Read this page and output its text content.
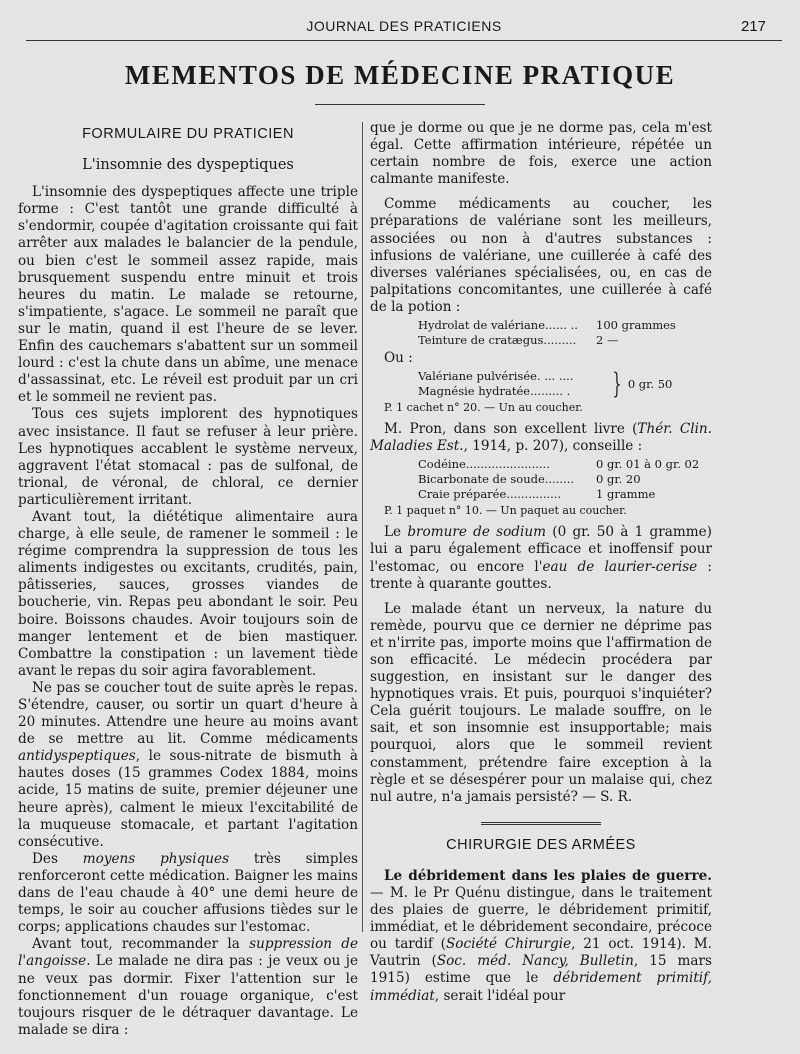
JOURNAL DES PRATICIENS	217
MEMENTOS DE MÉDECINE PRATIQUE
FORMULAIRE DU PRATICIEN
L'insomnie des dyspeptiques

L'insomnie des dyspeptiques affecte une triple forme : C'est tantôt une grande difficulté à s'endormir, coupée d'agitation croissante qui fait arrêter aux malades le balancier de la pendule, ou bien c'est le sommeil assez rapide, mais brusquement suspendu entre minuit et trois heures du matin. Le malade se retourne, s'impatiente, s'agace. Le sommeil ne paraît que sur le matin, quand il est l'heure de se lever. Enfin des cauchemars s'abattent sur un sommeil lourd : c'est la chute dans un abîme, une menace d'assassinat, etc. Le réveil est produit par un cri et le sommeil ne revient pas.

Tous ces sujets implorent des hypnotiques avec insistance. Il faut se refuser à leur prière. Les hypnotiques accablent le système nerveux, aggravent l'état stomacal : pas de sulfonal, de trional, de véronal, de chloral, ce dernier particulièrement irritant.

Avant tout, la diététique alimentaire aura charge, à elle seule, de ramener le sommeil : le régime comprendra la suppression de tous les aliments indigestes ou excitants, crudités, pain, pâtisseries, sauces, grosses viandes de boucherie, vin. Repas peu abondant le soir. Peu boire. Boissons chaudes. Avoir toujours soin de manger lentement et de bien mastiquer. Combattre la constipation : un lavement tiède avant le repas du soir agira favorablement.

Ne pas se coucher tout de suite après le repas. S'étendre, causer, ou sortir un quart d'heure à 20 minutes. Attendre une heure au moins avant de se mettre au lit. Comme médicaments antidyspeptiques, le sous-nitrate de bismuth à hautes doses (15 grammes Codex 1884, moins acide, 15 matins de suite, premier déjeuner une heure après), calment le mieux l'excitabilité de la muqueuse stomacale, et partant l'agitation consécutive.

Des moyens physiques très simples renforceront cette médication. Baigner les mains dans de l'eau chaude à 40° une demi heure de temps, le soir au coucher affusions tièdes sur le corps; applications chaudes sur l'estomac.

Avant tout, recommander la suppression de l'angoisse. Le malade ne dira pas : je veux ou je ne veux pas dormir. Fixer l'attention sur le fonctionnement d'un rouage organique, c'est toujours risquer de le détraquer davantage. Le malade se dira :

que je dorme ou que je ne dorme pas, cela m'est égal. Cette affirmation intérieure, répétée un certain nombre de fois, exerce une action calmante manifeste.

Comme médicaments au coucher, les préparations de valériane sont les meilleurs, associées ou non à d'autres substances : infusions de valériane, une cuillerée à café des diverses valérianes spécialisées, ou, en cas de palpitations concomitantes, une cuillerée à café de la potion :

Hydrolat de valériane...... ..	100 grammes
Teinture de cratægus.........	2 —

Ou :

Valériane pulvérisée. ... ....
Magnésie hydratée......... .	} 0 gr. 50
P. 1 cachet n° 20. — Un au coucher.

M. Pron, dans son excellent livre (Thér. Clin. Maladies Est., 1914, p. 207), conseille :

Codéine.......................	0 gr. 01 à 0 gr. 02
Bicarbonate de soude........	0 gr. 20
Craie préparée...............	1 gramme
P. 1 paquet n° 10. — Un paquet au coucher.

Le bromure de sodium (0 gr. 50 à 1 gramme) lui a paru également efficace et inoffensif pour l'estomac, ou encore l'eau de laurier-cerise : trente à quarante gouttes.

Le malade étant un nerveux, la nature du remède, pourvu que ce dernier ne déprime pas et n'irrite pas, importe moins que l'affirmation de son efficacité. Le médecin procédera par suggestion, en insistant sur le danger des hypnotiques vrais. Et puis, pourquoi s'inquiéter? Cela guérit toujours. Le malade souffre, on le sait, et son insomnie est insupportable; mais pourquoi, alors que le sommeil revient constamment, prétendre faire exception à la règle et se désespérer pour un malaise qui, chez nul autre, n'a jamais persisté? — S. R.

CHIRURGIE DES ARMÉES

Le débridement dans les plaies de guerre. — M. le Pr Quénu distingue, dans le traitement des plaies de guerre, le débridement primitif, immédiat, et le débridement secondaire, précoce ou tardif (Société Chirurgie, 21 oct. 1914). M. Vautrin (Soc. méd. Nancy, Bulletin, 15 mars 1915) estime que le débridement primitif, immédiat, serait l'idéal pour
